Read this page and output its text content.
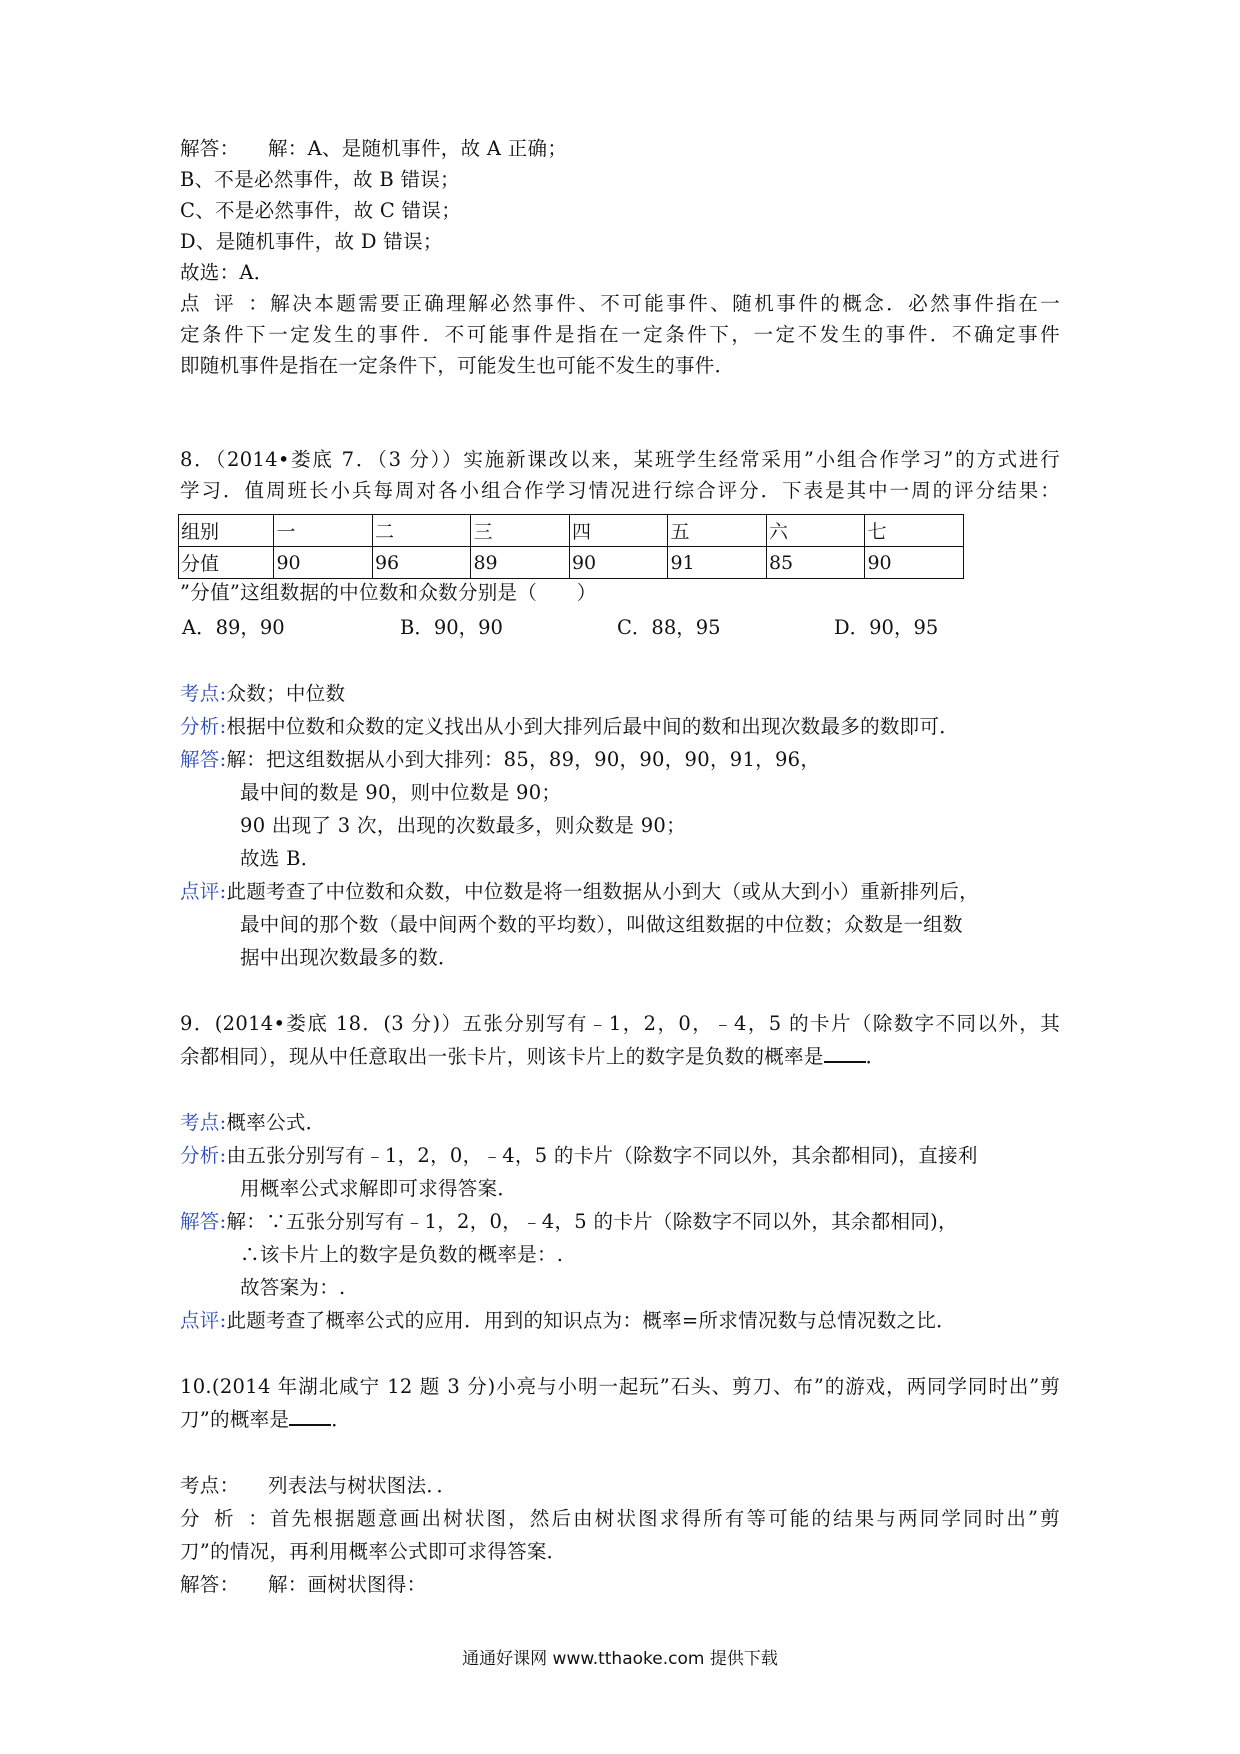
解答： 解：A、是随机事件，故 A 正确；
B、不是必然事件，故 B 错误；
C、不是必然事件，故 C 错误；
D、是随机事件，故 D 错误；
故选：A．
点评：解决本题需要正确理解必然事件、不可能事件、随机事件的概念．必然事件指在一
定条件下一定发生的事件．不可能事件是指在一定条件下，一定不发生的事件．不确定事件
即随机事件是指在一定条件下，可能发生也可能不发生的事件．
8．（2014•娄底 7．（3 分））实施新课改以来，某班学生经常采用”小组合作学习”的方式进行
学习．值周班长小兵每周对各小组合作学习情况进行综合评分．下表是其中一周的评分结果：
组别	一	二	三	四	五	六	七
分值	90	96	89	90	91	85	90
”分值”这组数据的中位数和众数分别是（　　）
A．89，90	B．90，90	C．88，95	D．90，95
考点:众数；中位数
分析:根据中位数和众数的定义找出从小到大排列后最中间的数和出现次数最多的数即可．
解答:解：把这组数据从小到大排列：85，89，90，90，90，91，96，
最中间的数是 90，则中位数是 90；
90 出现了 3 次，出现的次数最多，则众数是 90；
故选 B．
点评:此题考查了中位数和众数，中位数是将一组数据从小到大（或从大到小）重新排列后，
最中间的那个数（最中间两个数的平均数），叫做这组数据的中位数；众数是一组数
据中出现次数最多的数．
9．(2014•娄底 18．(3 分)）五张分别写有﹣1，2，0，﹣4，5 的卡片（除数字不同以外，其
余都相同），现从中任意取出一张卡片，则该卡片上的数字是负数的概率是 ．
考点:概率公式．
分析:由五张分别写有﹣1，2，0，﹣4，5 的卡片（除数字不同以外，其余都相同)，直接利
用概率公式求解即可求得答案．
解答:解：∵五张分别写有﹣1，2，0，﹣4，5 的卡片（除数字不同以外，其余都相同)，
∴该卡片上的数字是负数的概率是：.
故答案为：.
点评:此题考查了概率公式的应用．用到的知识点为：概率=所求情况数与总情况数之比．
10.(2014 年湖北咸宁 12 题 3 分)小亮与小明一起玩”石头、剪刀、布”的游戏，两同学同时出”剪
刀”的概率是 ．
考点： 列表法与树状图法．．
分析：首先根据题意画出树状图，然后由树状图求得所有等可能的结果与两同学同时出”剪
刀”的情况，再利用概率公式即可求得答案．
解答： 解：画树状图得：
通通好课网 www.tthaoke.com 提供下载
